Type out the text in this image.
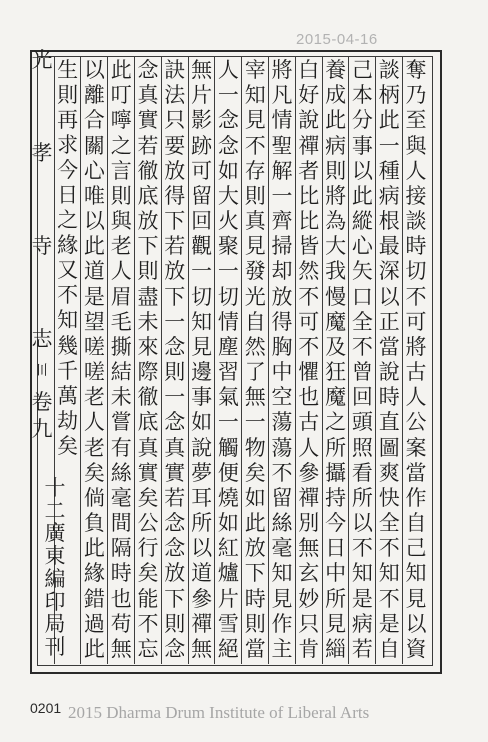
2015-04-16
奪
乃
至
與
人
接
談
時
切
不
可
將
古
人
公
案
當
作
自
己
知
見
以
資
談
柄
此
一
種
病
根
最
深
以
正
當
說
時
直
圖
爽
快
全
不
知
不
是
自
己
本
分
事
以
此
縱
心
矢
口
全
不
曾
回
頭
照
看
所
以
不
知
是
病
若
養
成
此
病
則
將
為
大
我
慢
魔
及
狂
魔
之
所
攝
持
今
日
中
所
見
緇
白
好
說
禪
者
比
比
皆
然
不
可
不
懼
也
古
人
參
禪
別
無
玄
妙
只
肯
將
凡
情
聖
解
一
齊
掃
却
放
得
胸
中
空
蕩
蕩
不
留
絲
毫
知
見
作
主
宰
知
見
不
存
則
真
見
發
光
自
然
了
無
一
物
矣
如
此
放
下
時
則
當
人
一
念
念
如
大
火
聚
一
切
情
塵
習
氣
一
觸
便
燒
如
紅
爐
片
雪
絕
無
片
影
跡
可
留
回
觀
一
切
知
見
邊
事
如
說
夢
耳
所
以
道
參
禪
無
訣
法
只
要
放
得
下
若
放
下
一
念
則
一
念
真
實
若
念
念
放
下
則
念
念
真
實
若
徹
底
放
下
則
盡
未
來
際
徹
底
真
實
矣
公
行
矣
能
不
忘
此
叮
嚀
之
言
則
與
老
人
眉
毛
撕
結
未
嘗
有
絲
毫
間
隔
時
也
苟
無
以
離
合
關
心
唯
以
此
道
是
望
嗟
嗟
老
人
老
矣
倘
負
此
緣
錯
過
此
生
則
再
求
今
日
之
緣
又
不
知
幾
千
萬
劫
矣
光
孝
寺
志
〣
卷
九
十
二
廣
東
編
印
局
刊
0201 2015 Dharma Drum Institute of Liberal Arts
